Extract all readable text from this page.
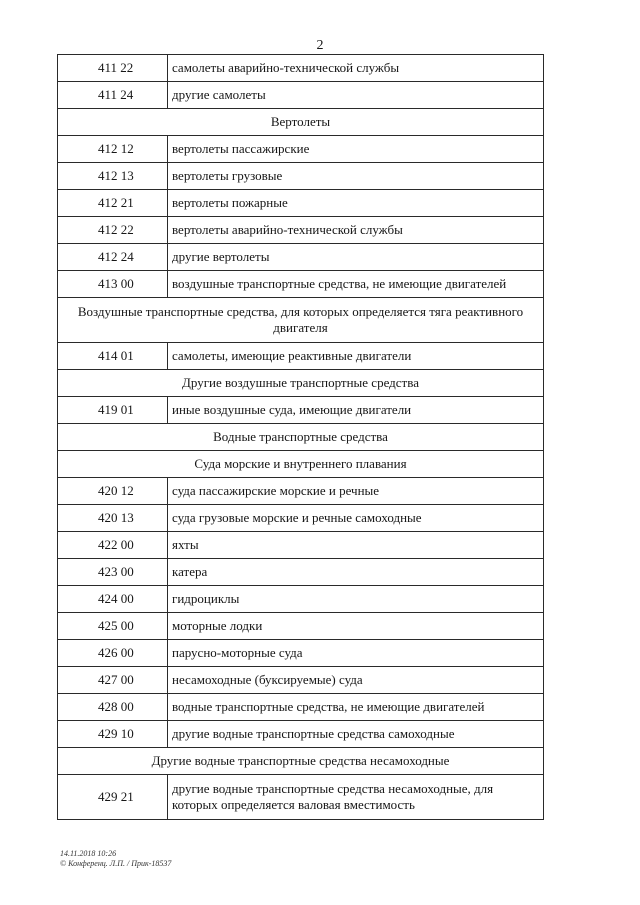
2
411 22	самолеты аварийно-технической службы
411 24	другие самолеты
Вертолеты	
412 12	вертолеты пассажирские
412 13	вертолеты грузовые
412 21	вертолеты пожарные
412 22	вертолеты аварийно-технической службы
412 24	другие вертолеты
413 00	воздушные транспортные средства, не имеющие двигателей
Воздушные транспортные средства, для которых определяется тяга реактивного двигателя	
414 01	самолеты, имеющие реактивные двигатели
Другие воздушные транспортные средства	
419 01	иные воздушные суда, имеющие двигатели
Водные транспортные средства	
Суда морские и внутреннего плавания	
420 12	суда пассажирские морские и речные
420 13	суда грузовые морские и речные самоходные
422 00	яхты
423 00	катера
424 00	гидроциклы
425 00	моторные лодки
426 00	парусно-моторные суда
427 00	несамоходные (буксируемые) суда
428 00	водные транспортные средства, не имеющие двигателей
429 10	другие водные транспортные средства самоходные
Другие водные транспортные средства несамоходные	
429 21	другие водные транспортные средства несамоходные, для которых определяется валовая вместимость
14.11.2018 10:26
© Конференц. Л.П. / Прик-18537
